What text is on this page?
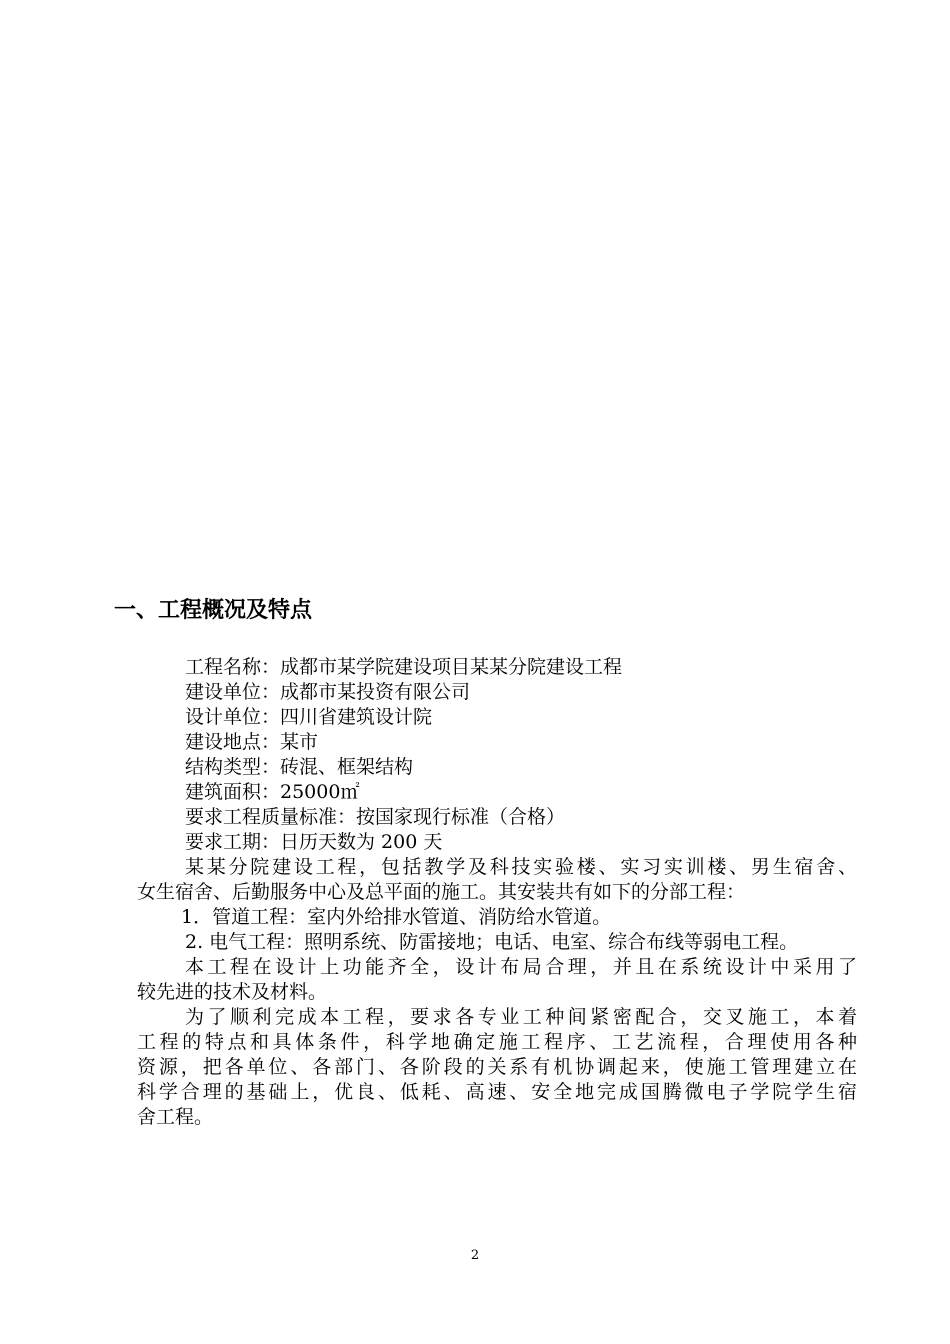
一、工程概况及特点
工程名称：成都市某学院建设项目某某分院建设工程
建设单位：成都市某投资有限公司
设计单位：四川省建筑设计院
建设地点：某市
结构类型：砖混、框架结构
建筑面积：25000㎡
要求工程质量标准：按国家现行标准（合格）
要求工期：日历天数为 200 天
某某分院建设工程，包括教学及科技实验楼、实习实训楼、男生宿舍、
女生宿舍、后勤服务中心及总平面的施工。其安装共有如下的分部工程：
1．管道工程：室内外给排水管道、消防给水管道。
2. 电气工程：照明系统、防雷接地；电话、电室、综合布线等弱电工程。
本工程在设计上功能齐全，设计布局合理，并且在系统设计中采用了
较先进的技术及材料。
为了顺利完成本工程，要求各专业工种间紧密配合，交叉施工，本着
工程的特点和具体条件，科学地确定施工程序、工艺流程，合理使用各种
资源，把各单位、各部门、各阶段的关系有机协调起来，使施工管理建立在
科学合理的基础上，优良、低耗、高速、安全地完成国腾微电子学院学生宿
舍工程。
2
